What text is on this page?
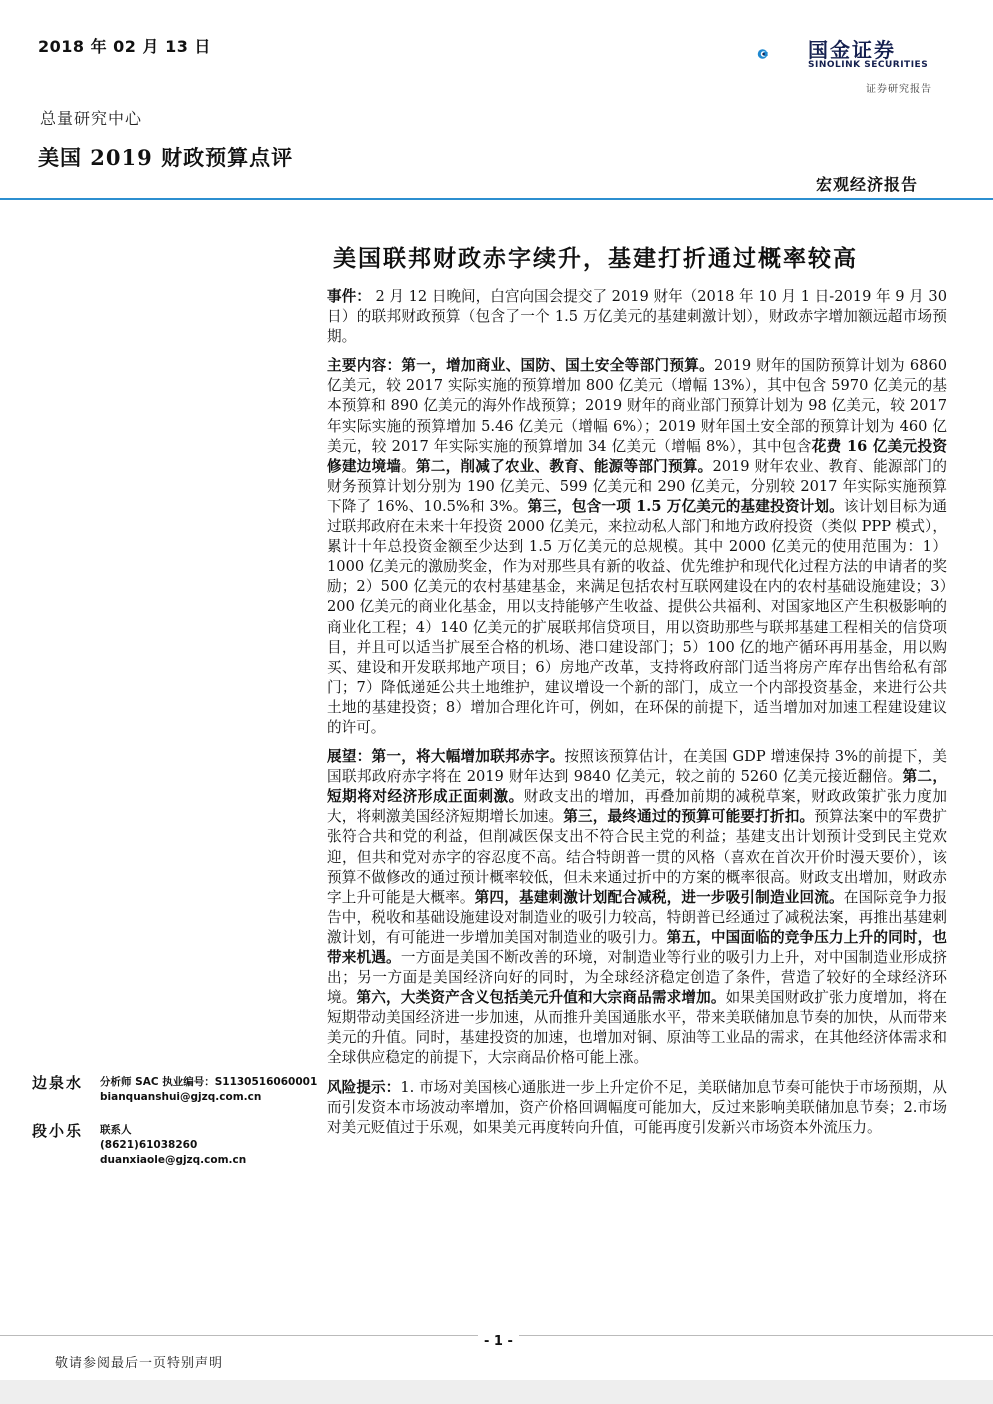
2018 年 02 月 13 日	国金证券
SINOLINK SECURITIES
证券研究报告
总量研究中心
美国 2019 财政预算点评
宏观经济报告
美国联邦财政赤字续升，基建打折通过概率较高

事件： 2 月 12 日晚间，白宫向国会提交了 2019 财年（2018 年 10 月 1 日-2019 年 9 月 30 日）的联邦财政预算（包含了一个 1.5 万亿美元的基建刺激计划），财政赤字增加额远超市场预期。

主要内容：第一，增加商业、国防、国土安全等部门预算。2019 财年的国防预算计划为 6860 亿美元，较 2017 实际实施的预算增加 800 亿美元（增幅 13%），其中包含 5970 亿美元的基本预算和 890 亿美元的海外作战预算；2019 财年的商业部门预算计划为 98 亿美元，较 2017 年实际实施的预算增加 5.46 亿美元（增幅 6%）；2019 财年国土安全部的预算计划为 460 亿美元，较 2017 年实际实施的预算增加 34 亿美元（增幅 8%），其中包含花费 16 亿美元投资修建边境墙。第二，削减了农业、教育、能源等部门预算。2019 财年农业、教育、能源部门的财务预算计划分别为 190 亿美元、599 亿美元和 290 亿美元，分别较 2017 年实际实施预算下降了 16%、10.5%和 3%。第三，包含一项 1.5 万亿美元的基建投资计划。该计划目标为通过联邦政府在未来十年投资 2000 亿美元，来拉动私人部门和地方政府投资（类似 PPP 模式），累计十年总投资金额至少达到 1.5 万亿美元的总规模。其中 2000 亿美元的使用范围为：1）1000 亿美元的激励奖金，作为对那些具有新的收益、优先维护和现代化过程方法的申请者的奖励；2）500 亿美元的农村基建基金，来满足包括农村互联网建设在内的农村基础设施建设；3）200 亿美元的商业化基金，用以支持能够产生收益、提供公共福利、对国家地区产生积极影响的商业化工程；4）140 亿美元的扩展联邦信贷项目，用以资助那些与联邦基建工程相关的信贷项目，并且可以适当扩展至合格的机场、港口建设部门；5）100 亿的地产循环再用基金，用以购买、建设和开发联邦地产项目；6）房地产改革，支持将政府部门适当将房产库存出售给私有部门；7）降低递延公共土地维护，建议增设一个新的部门，成立一个内部投资基金，来进行公共土地的基建投资；8）增加合理化许可，例如，在环保的前提下，适当增加对加速工程建设建议的许可。

展望：第一，将大幅增加联邦赤字。按照该预算估计，在美国 GDP 增速保持 3%的前提下，美国联邦政府赤字将在 2019 财年达到 9840 亿美元，较之前的 5260 亿美元接近翻倍。第二，短期将对经济形成正面刺激。财政支出的增加，再叠加前期的减税草案，财政政策扩张力度加大，将刺激美国经济短期增长加速。第三，最终通过的预算可能要打折扣。预算法案中的军费扩张符合共和党的利益，但削减医保支出不符合民主党的利益；基建支出计划预计受到民主党欢迎，但共和党对赤字的容忍度不高。结合特朗普一贯的风格（喜欢在首次开价时漫天要价），该预算不做修改的通过预计概率较低，但未来通过折中的方案的概率很高。财政支出增加，财政赤字上升可能是大概率。第四，基建刺激计划配合减税，进一步吸引制造业回流。在国际竞争力报告中，税收和基础设施建设对制造业的吸引力较高，特朗普已经通过了减税法案，再推出基建刺激计划，有可能进一步增加美国对制造业的吸引力。第五，中国面临的竞争压力上升的同时，也带来机遇。一方面是美国不断改善的环境，对制造业等行业的吸引力上升，对中国制造业形成挤出；另一方面是美国经济向好的同时，为全球经济稳定创造了条件，营造了较好的全球经济环境。第六，大类资产含义包括美元升值和大宗商品需求增加。如果美国财政扩张力度增加，将在短期带动美国经济进一步加速，从而推升美国通胀水平，带来美联储加息节奏的加快，从而带来美元的升值。同时，基建投资的加速，也增加对铜、原油等工业品的需求，在其他经济体需求和全球供应稳定的前提下，大宗商品价格可能上涨。

风险提示：1. 市场对美国核心通胀进一步上升定价不足，美联储加息节奏可能快于市场预期，从而引发资本市场波动率增加，资产价格回调幅度可能加大，反过来影响美联储加息节奏；2.市场对美元贬值过于乐观，如果美元再度转向升值，可能再度引发新兴市场资本外流压力。

边泉水 分析师 SAC 执业编号：S1130516060001
bianquanshui@gjzq.com.cn
段小乐 联系人
(8621)61038260
duanxiaole@gjzq.com.cn
- 1 -
敬请参阅最后一页特别声明
